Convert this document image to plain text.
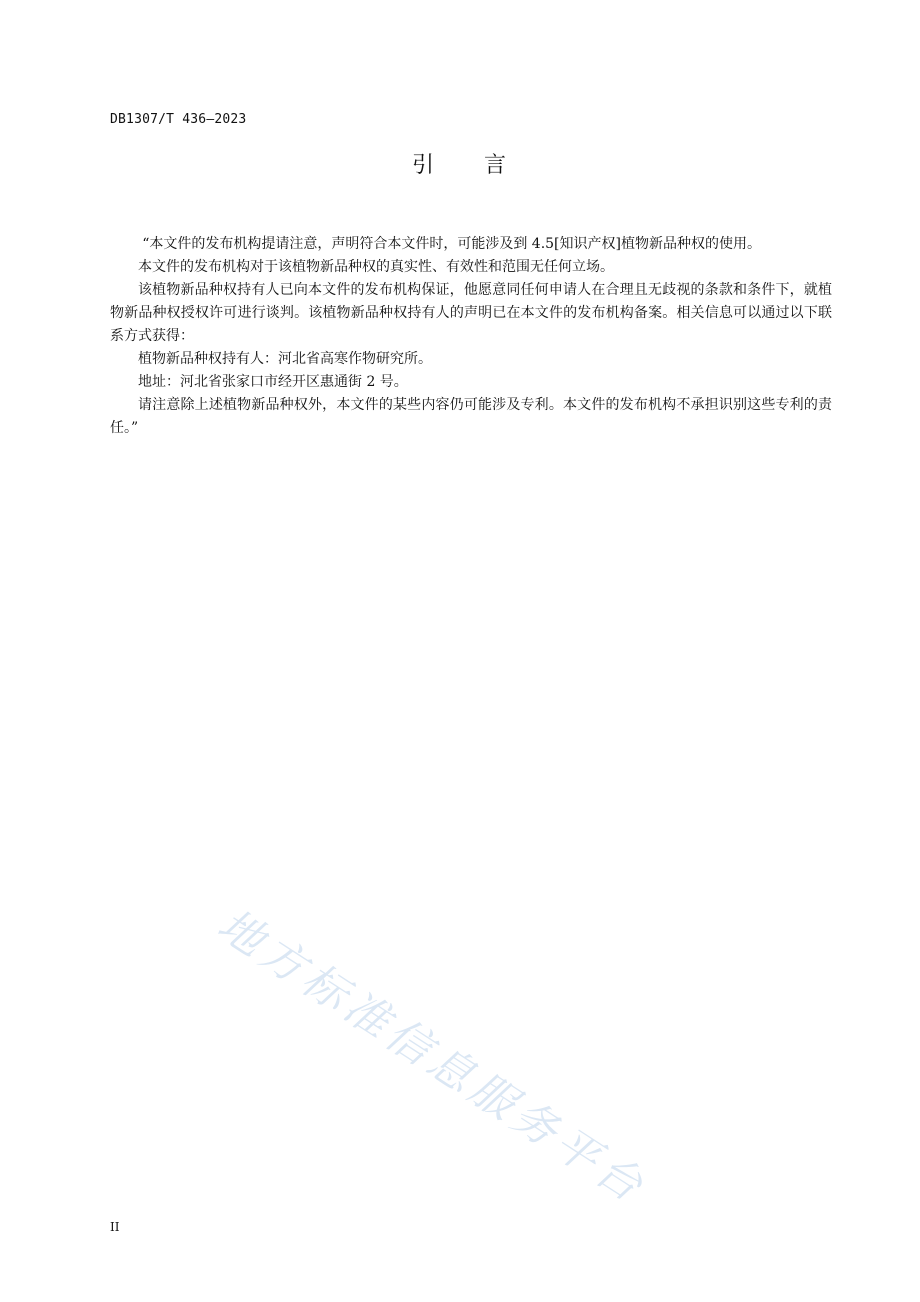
DB1307/T 436—2023
引 言

“本文件的发布机构提请注意，声明符合本文件时，可能涉及到 4.5[知识产权]植物新品种权的使用。

本文件的发布机构对于该植物新品种权的真实性、有效性和范围无任何立场。

该植物新品种权持有人已向本文件的发布机构保证，他愿意同任何申请人在合理且无歧视的条款和条件下，就植物新品种权授权许可进行谈判。该植物新品种权持有人的声明已在本文件的发布机构备案。相关信息可以通过以下联系方式获得：

植物新品种权持有人：河北省高寒作物研究所。

地址：河北省张家口市经开区惠通街 2 号。

请注意除上述植物新品种权外，本文件的某些内容仍可能涉及专利。本文件的发布机构不承担识别这些专利的责任。”

地方标准信息服务平台
II
